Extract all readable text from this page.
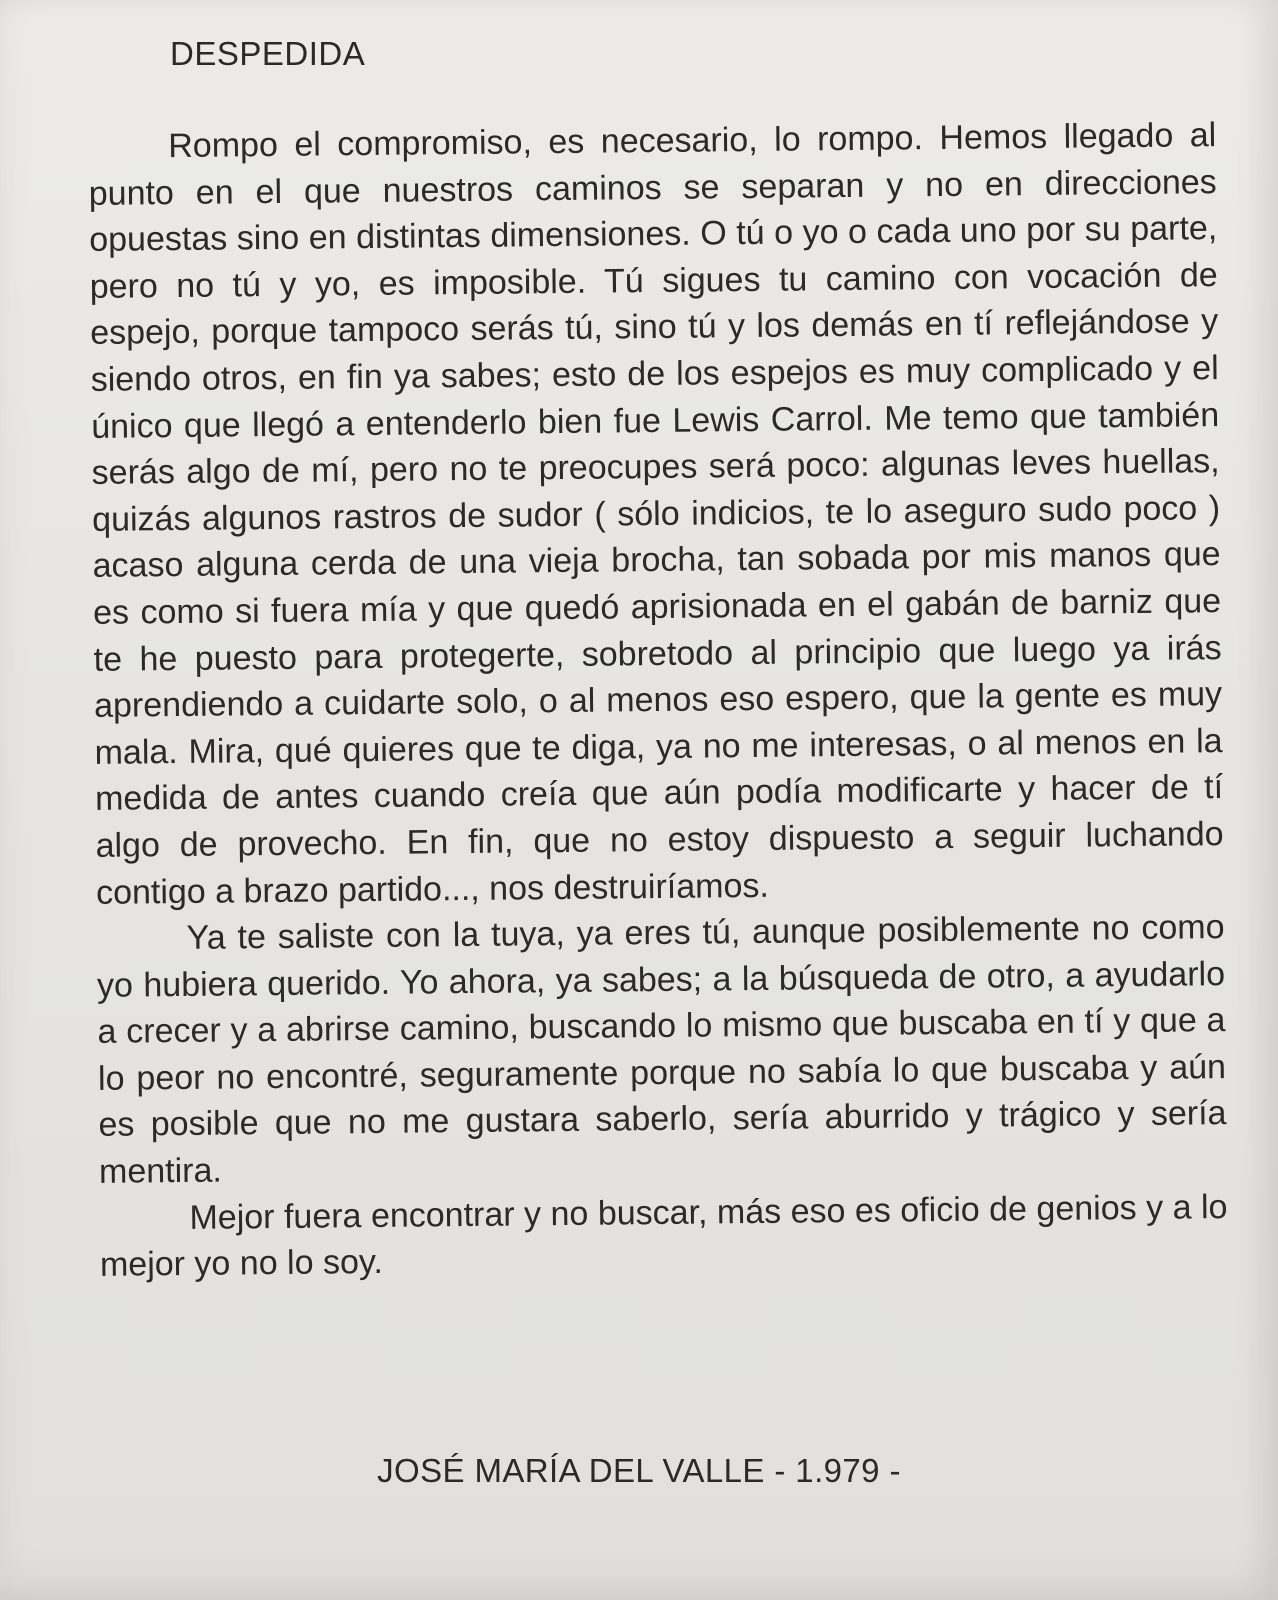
DESPEDIDA

Rompo el compromiso, es necesario, lo rompo. Hemos llegado al punto en el que nuestros caminos se separan y no en direcciones opuestas sino en distintas dimensiones. O tú o yo o cada uno por su parte, pero no tú y yo, es imposible. Tú sigues tu camino con vocación de espejo, porque tampoco serás tú, sino tú y los demás en tí reflejándose y siendo otros, en fin ya sabes; esto de los espejos es muy complicado y el único que llegó a entenderlo bien fue Lewis Carrol. Me temo que también serás algo de mí, pero no te preocupes será poco: algunas leves huellas, quizás algunos rastros de sudor ( sólo indicios, te lo aseguro sudo poco ) acaso alguna cerda de una vieja brocha, tan sobada por mis manos que es como si fuera mía y que quedó aprisionada en el gabán de barniz que te he puesto para protegerte, sobretodo al principio que luego ya irás aprendiendo a cuidarte solo, o al menos eso espero, que la gente es muy mala. Mira, qué quieres que te diga, ya no me interesas, o al menos en la medida de antes cuando creía que aún podía modificarte y hacer de tí algo de provecho. En fin, que no estoy dispuesto a seguir luchando contigo a brazo partido..., nos destruiríamos.

Ya te saliste con la tuya, ya eres tú, aunque posiblemente no como yo hubiera querido. Yo ahora, ya sabes; a la búsqueda de otro, a ayudarlo a crecer y a abrirse camino, buscando lo mismo que buscaba en tí y que a lo peor no encontré, seguramente porque no sabía lo que buscaba y aún es posible que no me gustara saberlo, sería aburrido y trágico y sería mentira.

Mejor fuera encontrar y no buscar, más eso es oficio de genios y a lo mejor yo no lo soy.

JOSÉ MARÍA DEL VALLE - 1.979 -
